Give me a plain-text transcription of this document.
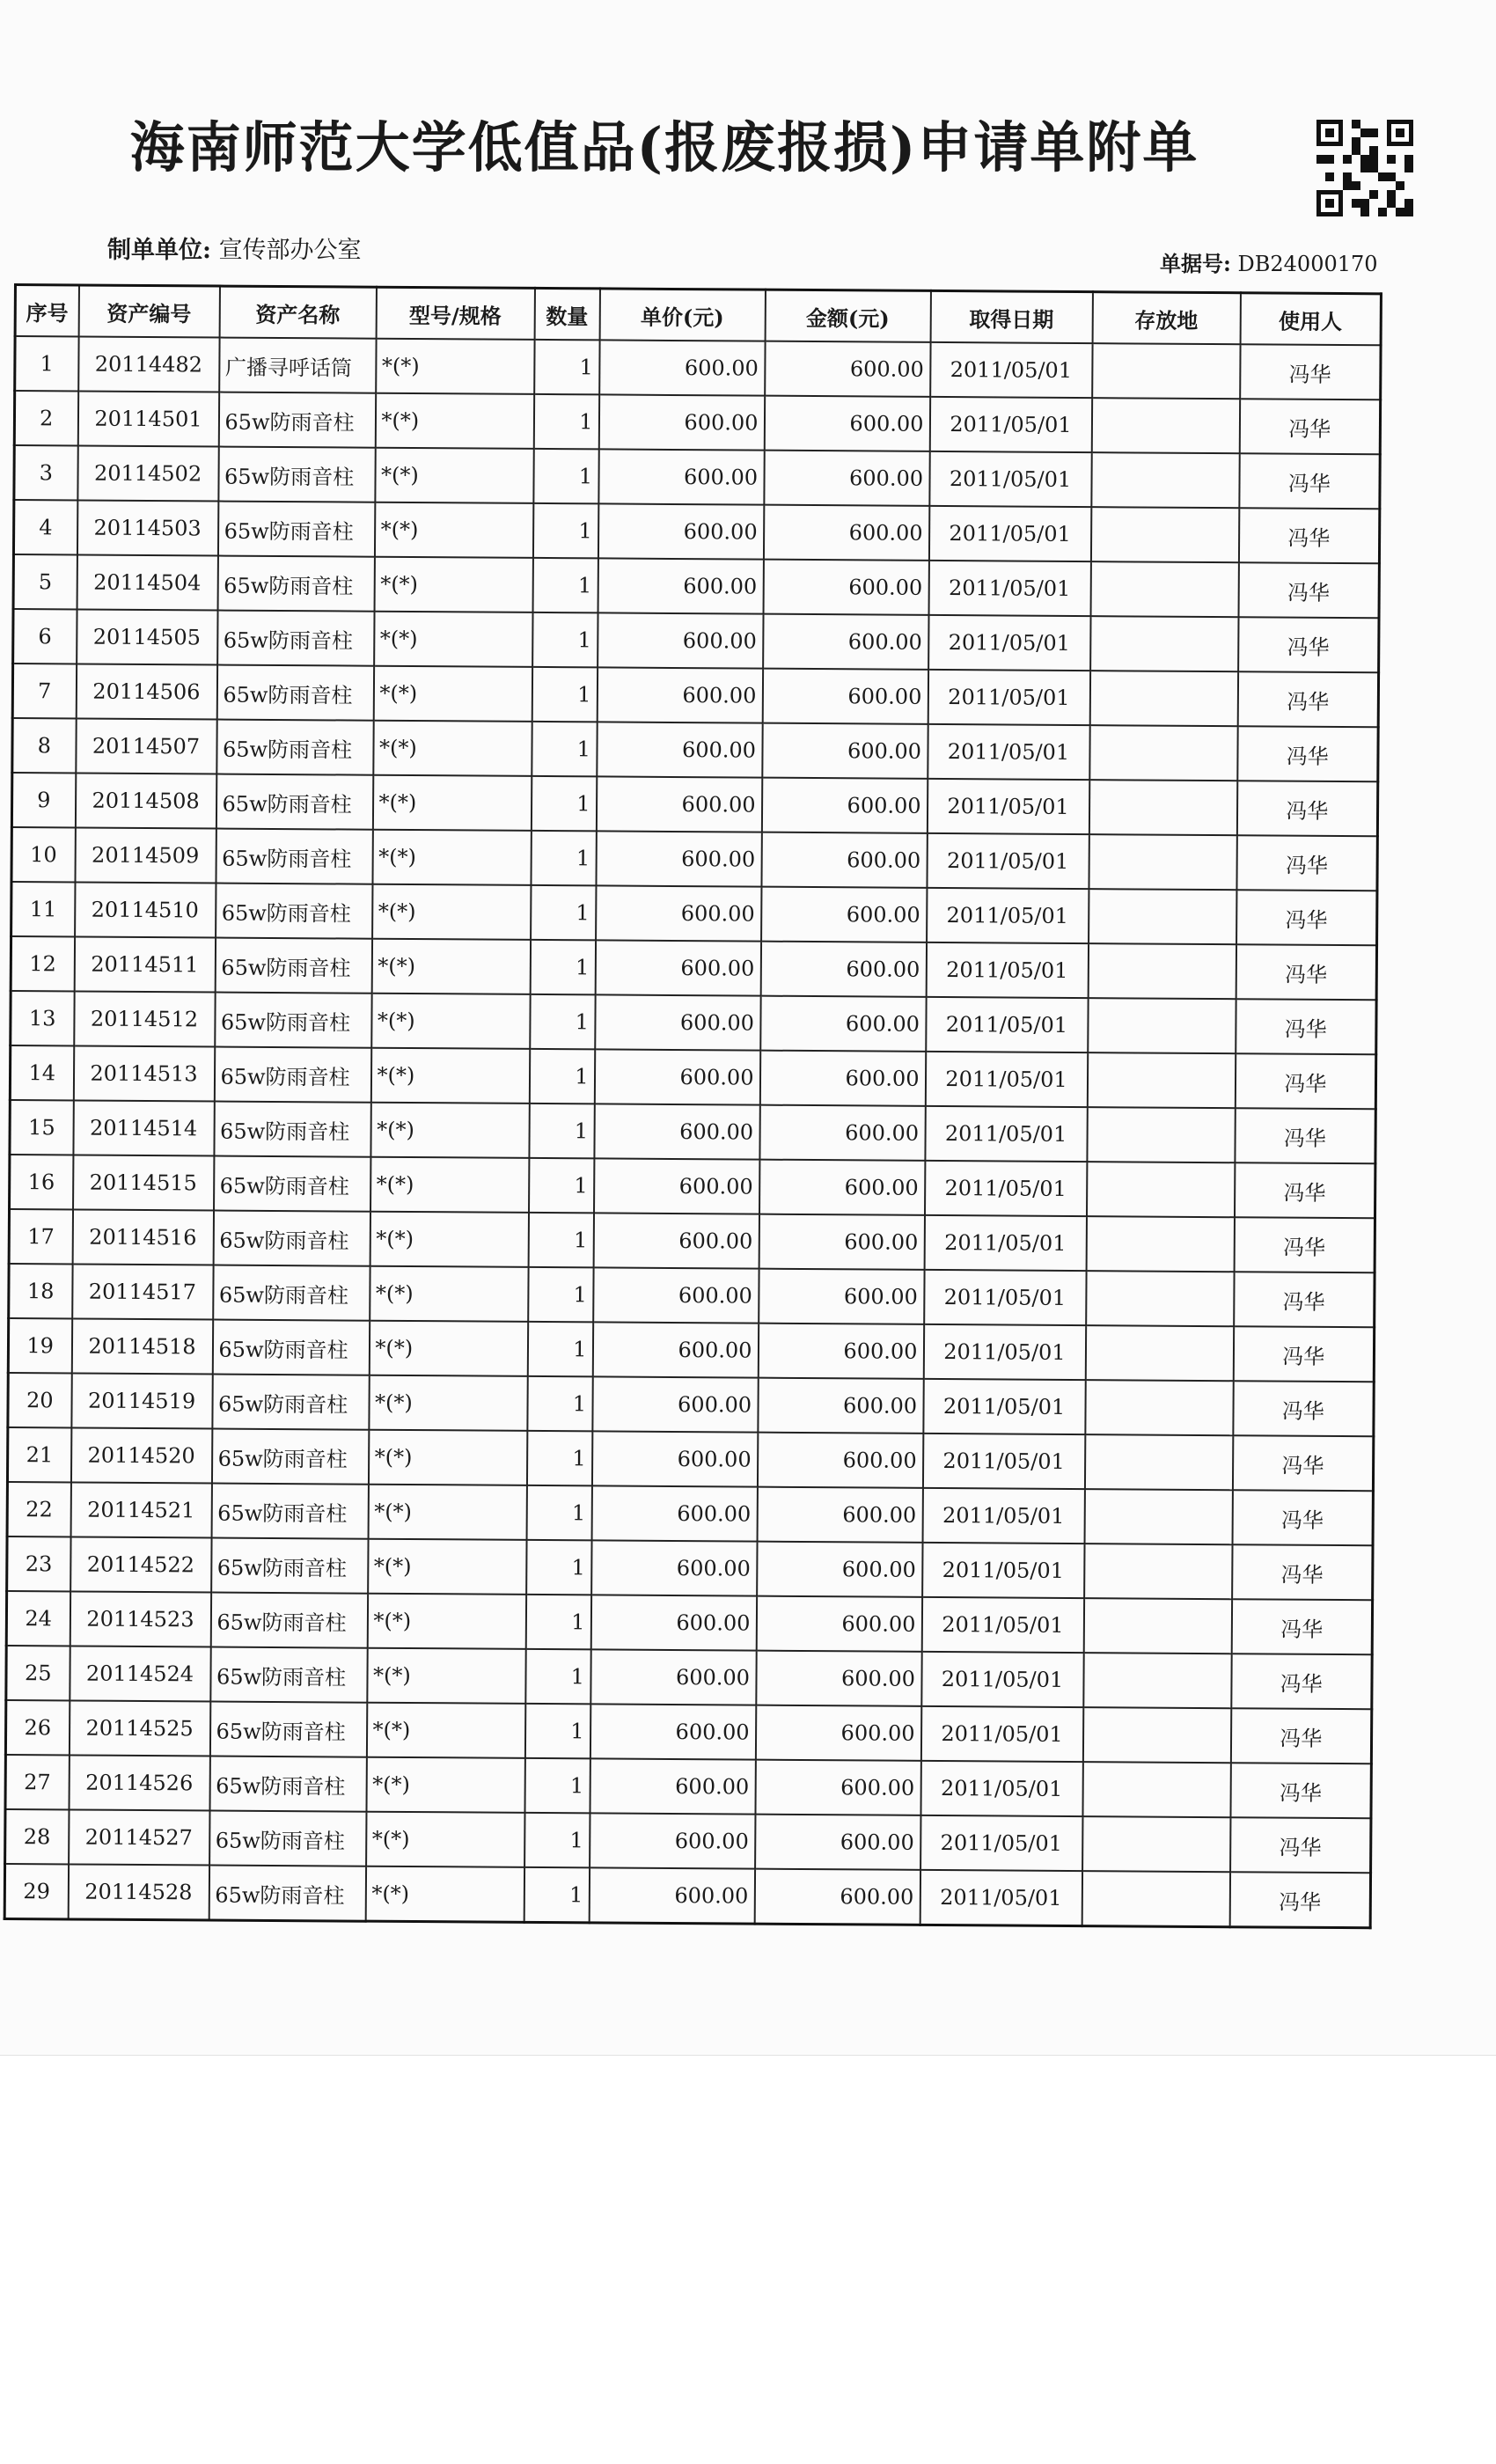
海南师范大学低值品(报废报损)申请单附单
制单单位: 宣传部办公室	单据号: DB24000170
序号	资产编号	资产名称	型号/规格	数量	单价(元)	金额(元)	取得日期	存放地	使用人
1	20114482	广播寻呼话筒	*(*)	1	600.00	600.00	2011/05/01		冯华
2	20114501	65w防雨音柱	*(*)	1	600.00	600.00	2011/05/01		冯华
3	20114502	65w防雨音柱	*(*)	1	600.00	600.00	2011/05/01		冯华
4	20114503	65w防雨音柱	*(*)	1	600.00	600.00	2011/05/01		冯华
5	20114504	65w防雨音柱	*(*)	1	600.00	600.00	2011/05/01		冯华
6	20114505	65w防雨音柱	*(*)	1	600.00	600.00	2011/05/01		冯华
7	20114506	65w防雨音柱	*(*)	1	600.00	600.00	2011/05/01		冯华
8	20114507	65w防雨音柱	*(*)	1	600.00	600.00	2011/05/01		冯华
9	20114508	65w防雨音柱	*(*)	1	600.00	600.00	2011/05/01		冯华
10	20114509	65w防雨音柱	*(*)	1	600.00	600.00	2011/05/01		冯华
11	20114510	65w防雨音柱	*(*)	1	600.00	600.00	2011/05/01		冯华
12	20114511	65w防雨音柱	*(*)	1	600.00	600.00	2011/05/01		冯华
13	20114512	65w防雨音柱	*(*)	1	600.00	600.00	2011/05/01		冯华
14	20114513	65w防雨音柱	*(*)	1	600.00	600.00	2011/05/01		冯华
15	20114514	65w防雨音柱	*(*)	1	600.00	600.00	2011/05/01		冯华
16	20114515	65w防雨音柱	*(*)	1	600.00	600.00	2011/05/01		冯华
17	20114516	65w防雨音柱	*(*)	1	600.00	600.00	2011/05/01		冯华
18	20114517	65w防雨音柱	*(*)	1	600.00	600.00	2011/05/01		冯华
19	20114518	65w防雨音柱	*(*)	1	600.00	600.00	2011/05/01		冯华
20	20114519	65w防雨音柱	*(*)	1	600.00	600.00	2011/05/01		冯华
21	20114520	65w防雨音柱	*(*)	1	600.00	600.00	2011/05/01		冯华
22	20114521	65w防雨音柱	*(*)	1	600.00	600.00	2011/05/01		冯华
23	20114522	65w防雨音柱	*(*)	1	600.00	600.00	2011/05/01		冯华
24	20114523	65w防雨音柱	*(*)	1	600.00	600.00	2011/05/01		冯华
25	20114524	65w防雨音柱	*(*)	1	600.00	600.00	2011/05/01		冯华
26	20114525	65w防雨音柱	*(*)	1	600.00	600.00	2011/05/01		冯华
27	20114526	65w防雨音柱	*(*)	1	600.00	600.00	2011/05/01		冯华
28	20114527	65w防雨音柱	*(*)	1	600.00	600.00	2011/05/01		冯华
29	20114528	65w防雨音柱	*(*)	1	600.00	600.00	2011/05/01		冯华
